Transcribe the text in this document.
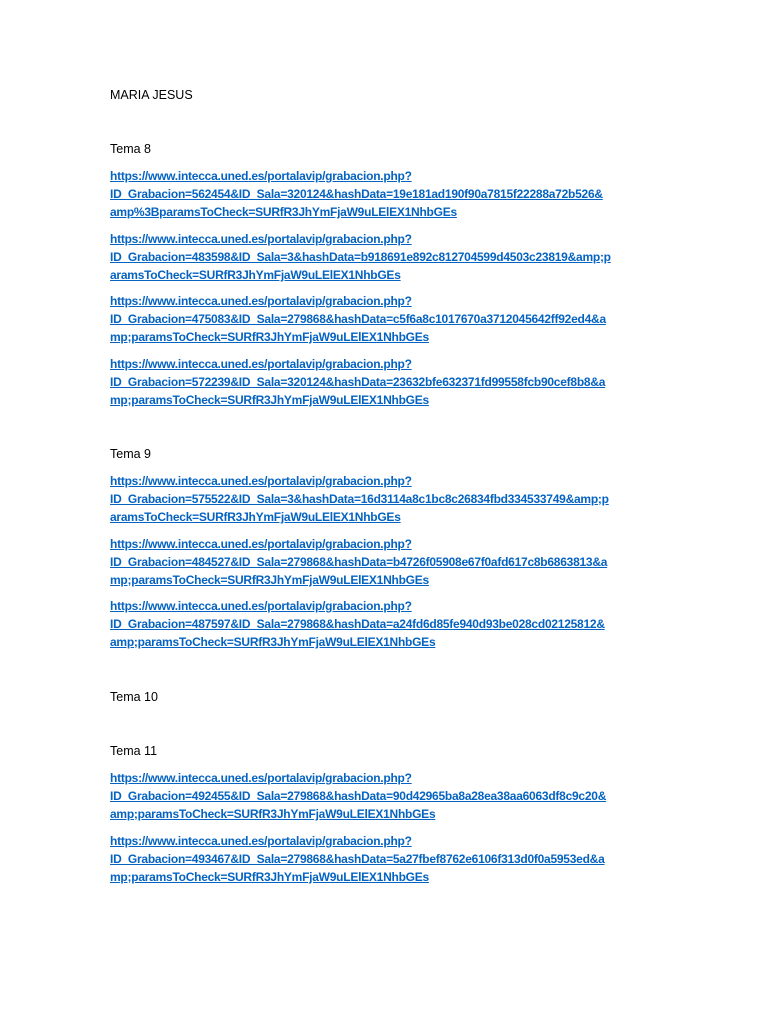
MARIA JESUS
Tema 8
https://www.intecca.uned.es/portalavip/grabacion.php?
ID_Grabacion=562454&ID_Sala=320124&hashData=19e181ad190f90a7815f22288a72b526&
amp%3BparamsToCheck=SURfR3JhYmFjaW9uLElEX1NhbGEs
https://www.intecca.uned.es/portalavip/grabacion.php?
ID_Grabacion=483598&ID_Sala=3&hashData=b918691e892c812704599d4503c23819&amp;p
aramsToCheck=SURfR3JhYmFjaW9uLElEX1NhbGEs
https://www.intecca.uned.es/portalavip/grabacion.php?
ID_Grabacion=475083&ID_Sala=279868&hashData=c5f6a8c1017670a3712045642ff92ed4&a
mp;paramsToCheck=SURfR3JhYmFjaW9uLElEX1NhbGEs
https://www.intecca.uned.es/portalavip/grabacion.php?
ID_Grabacion=572239&ID_Sala=320124&hashData=23632bfe632371fd99558fcb90cef8b8&a
mp;paramsToCheck=SURfR3JhYmFjaW9uLElEX1NhbGEs
Tema 9
https://www.intecca.uned.es/portalavip/grabacion.php?
ID_Grabacion=575522&ID_Sala=3&hashData=16d3114a8c1bc8c26834fbd334533749&amp;p
aramsToCheck=SURfR3JhYmFjaW9uLElEX1NhbGEs
https://www.intecca.uned.es/portalavip/grabacion.php?
ID_Grabacion=484527&ID_Sala=279868&hashData=b4726f05908e67f0afd617c8b6863813&a
mp;paramsToCheck=SURfR3JhYmFjaW9uLElEX1NhbGEs
https://www.intecca.uned.es/portalavip/grabacion.php?
ID_Grabacion=487597&ID_Sala=279868&hashData=a24fd6d85fe940d93be028cd02125812&
amp;paramsToCheck=SURfR3JhYmFjaW9uLElEX1NhbGEs
Tema 10
Tema 11
https://www.intecca.uned.es/portalavip/grabacion.php?
ID_Grabacion=492455&ID_Sala=279868&hashData=90d42965ba8a28ea38aa6063df8c9c20&
amp;paramsToCheck=SURfR3JhYmFjaW9uLElEX1NhbGEs
https://www.intecca.uned.es/portalavip/grabacion.php?
ID_Grabacion=493467&ID_Sala=279868&hashData=5a27fbef8762e6106f313d0f0a5953ed&a
mp;paramsToCheck=SURfR3JhYmFjaW9uLElEX1NhbGEs
